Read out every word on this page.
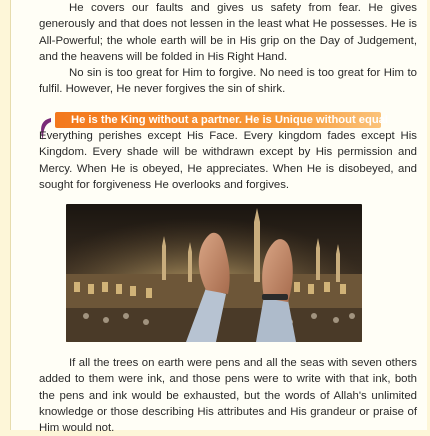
He covers our faults and gives us safety from fear. He gives generously and that does not lessen in the least what He possesses. He is All-Powerful; the whole earth will be in His grip on the Day of Judgement, and the heavens will be folded in His Right Hand.

No sin is too great for Him to forgive. No need is too great for Him to fulfil. However, He never forgives the sin of shirk.

He is the King without a partner. He is Unique without equal

Everything perishes except His Face. Every kingdom fades except His Kingdom. Every shade will be withdrawn except by His permission and Mercy. When He is obeyed, He appreciates. When He is disobeyed, and sought for forgiveness He overlooks and forgives.

If all the trees on earth were pens and all the seas with seven others added to them were ink, and those pens were to write with that ink, both the pens and ink would be exhausted, but the words of Allah's unlimited knowledge or those describing His attributes and His grandeur or praise of Him would not.
